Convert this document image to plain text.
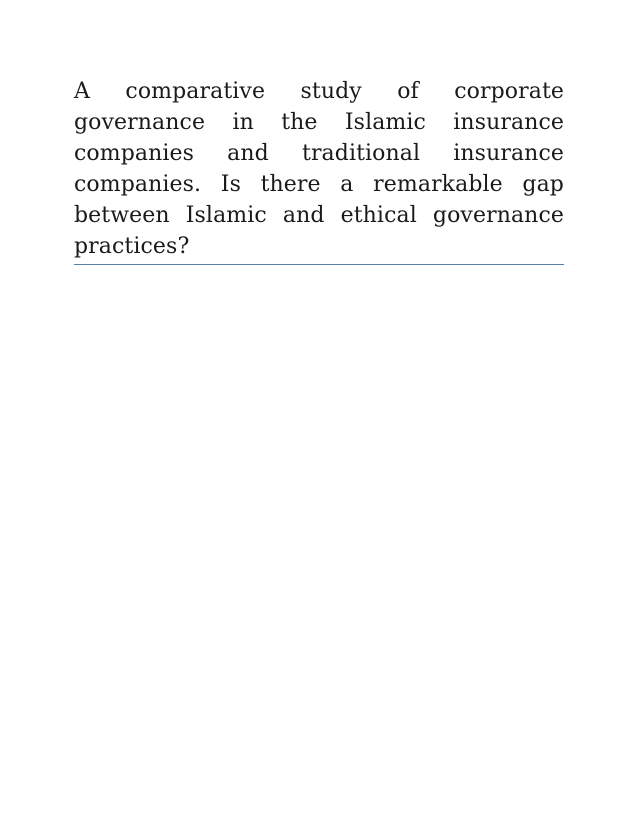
A comparative study of corporate governance in the Islamic insurance companies and traditional insurance companies. Is there a remarkable gap between Islamic and ethical governance practices?
